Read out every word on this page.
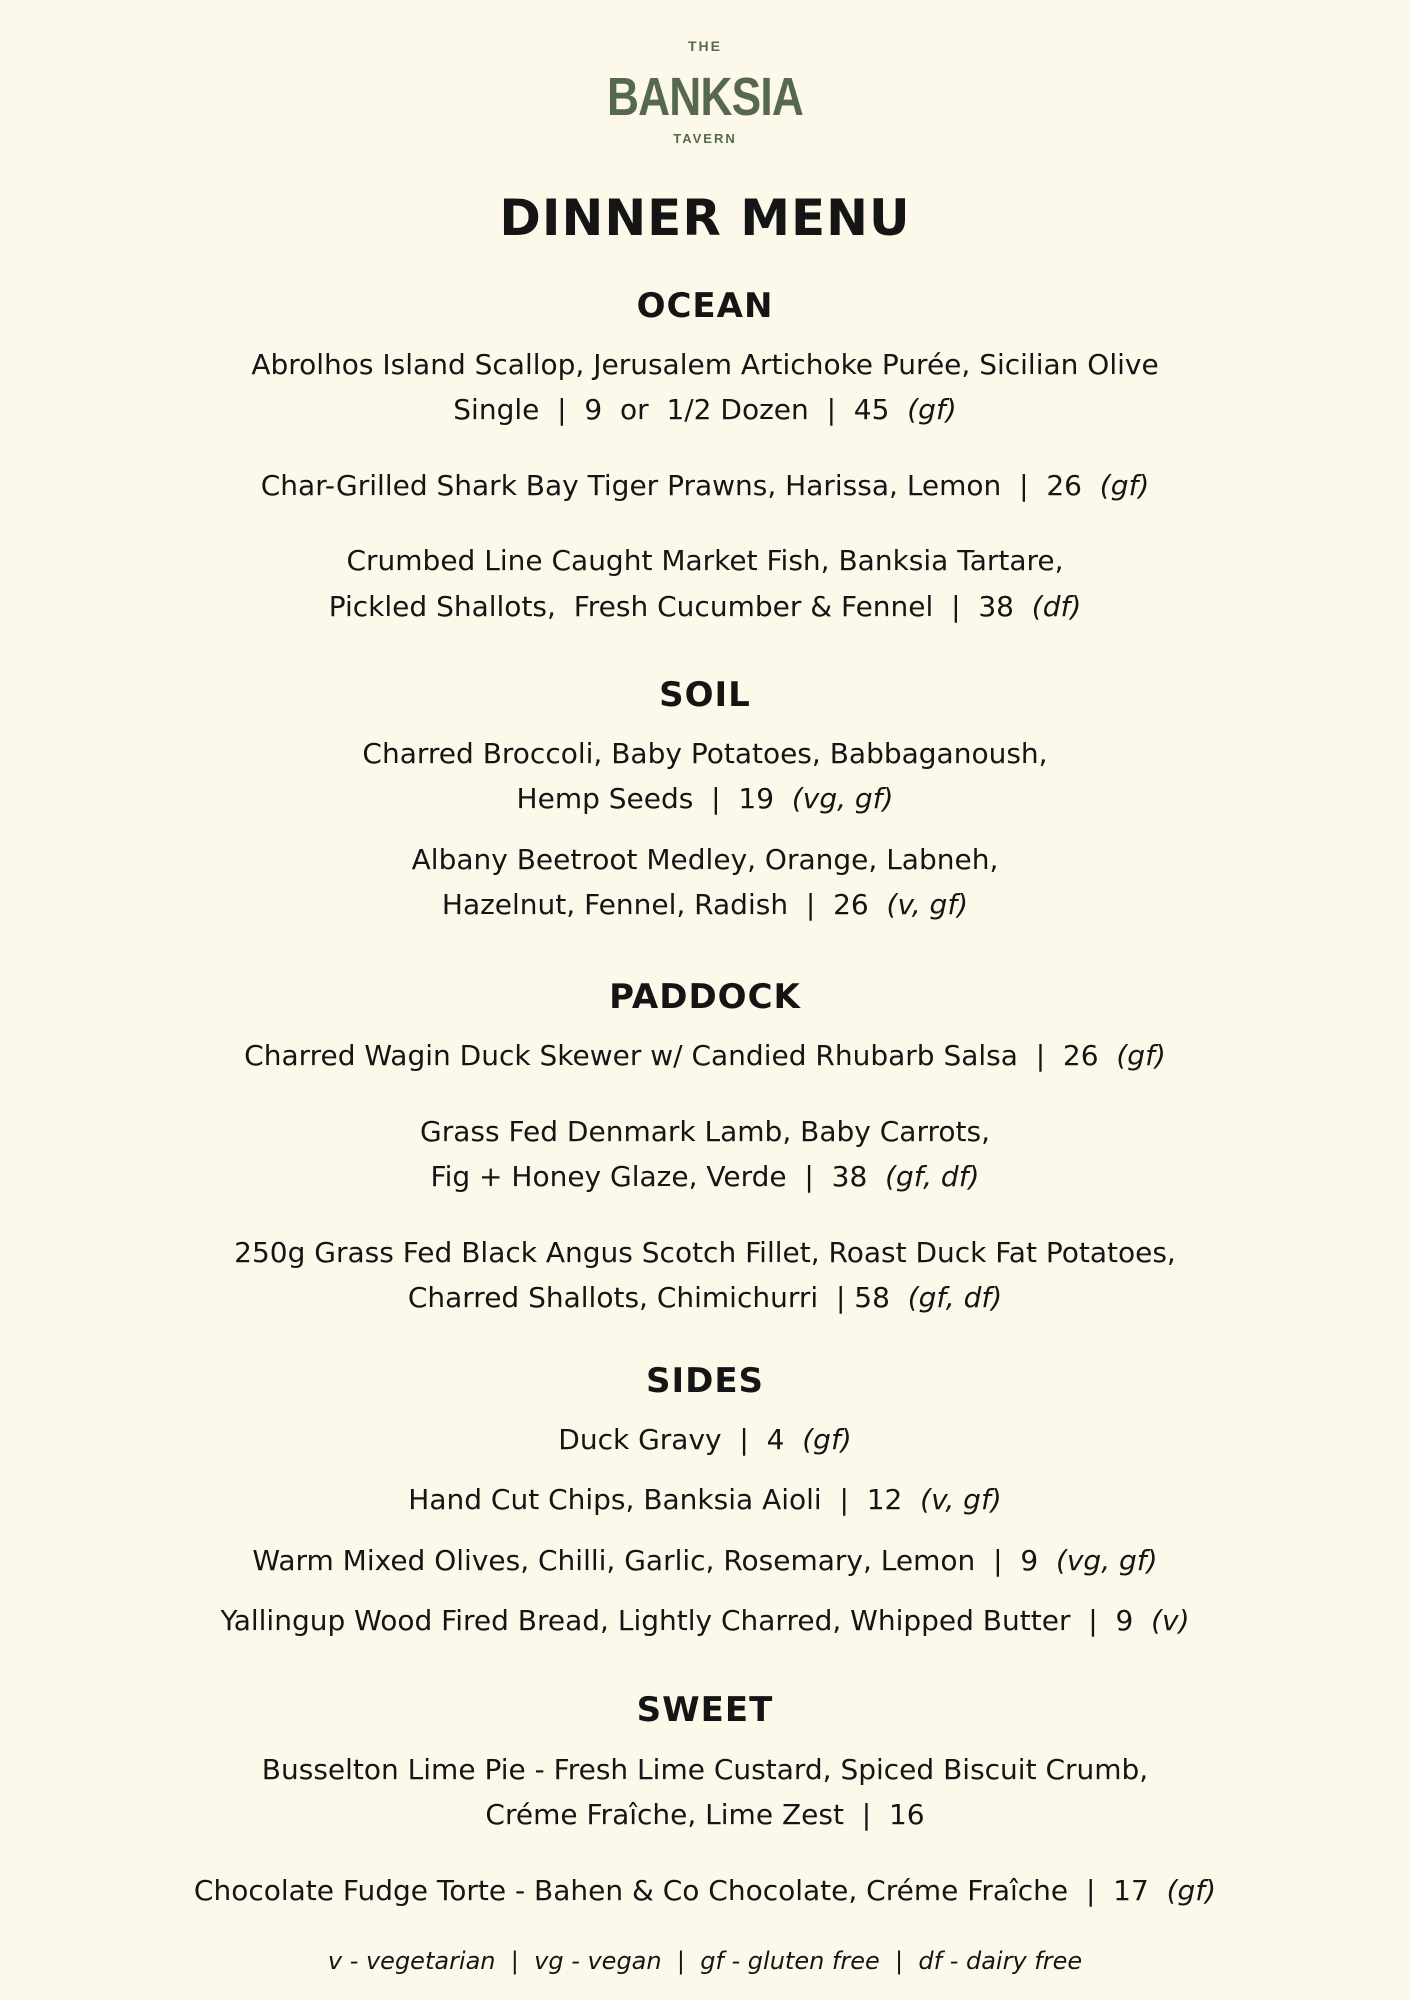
THE
BANKSIA
TAVERN
DINNER MENU
OCEAN
Abrolhos Island Scallop, Jerusalem Artichoke Purée, Sicilian Olive
Single  |  9  or  1/2 Dozen  |  45  (gf)
Char-Grilled Shark Bay Tiger Prawns, Harissa, Lemon  |  26  (gf)
Crumbed Line Caught Market Fish, Banksia Tartare,
Pickled Shallots,  Fresh Cucumber & Fennel  |  38  (df)
SOIL
Charred Broccoli, Baby Potatoes, Babbaganoush,
Hemp Seeds  |  19  (vg, gf)
Albany Beetroot Medley, Orange, Labneh,
Hazelnut, Fennel, Radish  |  26  (v, gf)
PADDOCK
Charred Wagin Duck Skewer w/ Candied Rhubarb Salsa  |  26  (gf)
Grass Fed Denmark Lamb, Baby Carrots,
Fig + Honey Glaze, Verde  |  38  (gf, df)
250g Grass Fed Black Angus Scotch Fillet, Roast Duck Fat Potatoes,
Charred Shallots, Chimichurri  | 58  (gf, df)
SIDES
Duck Gravy  |  4  (gf)
Hand Cut Chips, Banksia Aioli  |  12  (v, gf)
Warm Mixed Olives, Chilli, Garlic, Rosemary, Lemon  |  9  (vg, gf)
Yallingup Wood Fired Bread, Lightly Charred, Whipped Butter  |  9  (v)
SWEET
Busselton Lime Pie - Fresh Lime Custard, Spiced Biscuit Crumb,
Créme Fraîche, Lime Zest  |  16
Chocolate Fudge Torte - Bahen & Co Chocolate, Créme Fraîche  |  17  (gf)
v - vegetarian  |  vg - vegan  |  gf - gluten free  |  df - dairy free
